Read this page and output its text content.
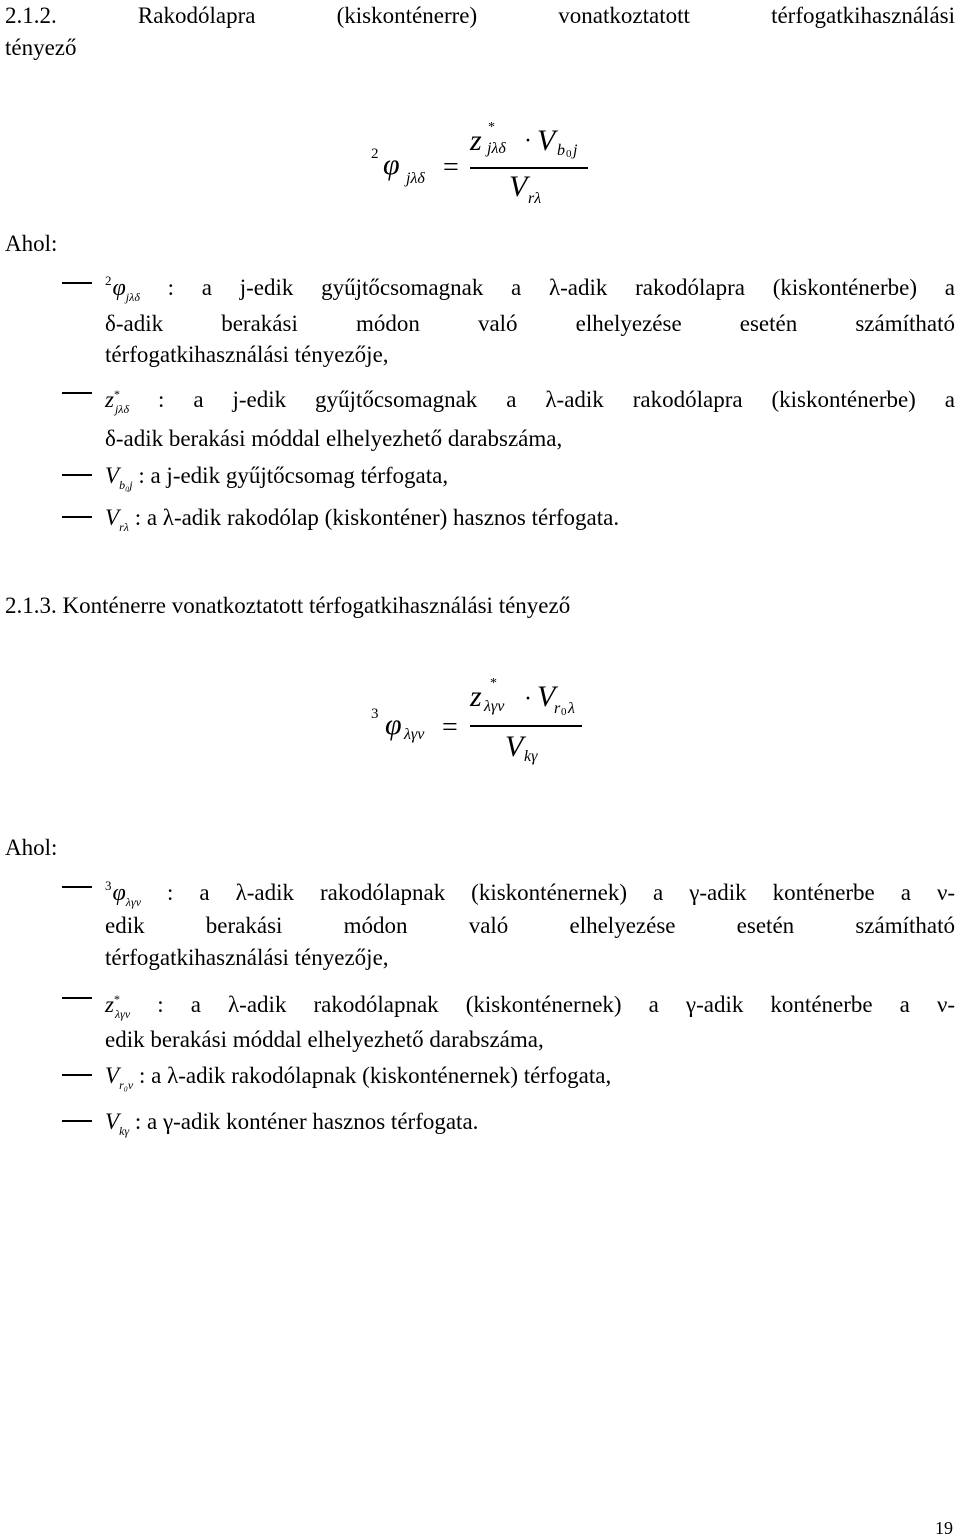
2.1.2. Rakodólapra (kiskonténerre) vonatkoztatott térfogatkihasználási
tényező
2 φ jλδ =
z *
jλδ · V b 0 j
V rλ
Ahol:
$^2\varphi_{j\lambda\delta}$ : a j-edik gyűjtőcsomagnak a λ-adik rakodólapra (kiskonténerbe) a
δ-adik berakási módon való elhelyezése esetén számítható
térfogatkihasználási tényezője,
$z^*_{j\lambda\delta}$ : a j-edik gyűjtőcsomagnak a λ-adik rakodólapra (kiskonténerbe) a
δ-adik berakási móddal elhelyezhető darabszáma,
$V_{b_0j}$ : a j-edik gyűjtőcsomag térfogata,
$V_{r\lambda}$ : a λ-adik rakodólap (kiskonténer) hasznos térfogata.
2.1.3. Konténerre vonatkoztatott térfogatkihasználási tényező
3 φ λγν =
z *
λγν · V
r 0 λ
V kγ
Ahol:
$^3\varphi_{\lambda\gamma\nu}$ : a λ-adik rakodólapnak (kiskonténernek) a γ-adik konténerbe a ν-
edik berakási módon való elhelyezése esetén számítható
térfogatkihasználási tényezője,
$z^*_{\lambda\gamma\nu}$ : a λ-adik rakodólapnak (kiskonténernek) a γ-adik konténerbe a ν-
edik berakási móddal elhelyezhető darabszáma,
$V_{r_0\nu}$ : a λ-adik rakodólapnak (kiskonténernek) térfogata,
$V_{k\gamma}$ : a γ-adik konténer hasznos térfogata.
19
